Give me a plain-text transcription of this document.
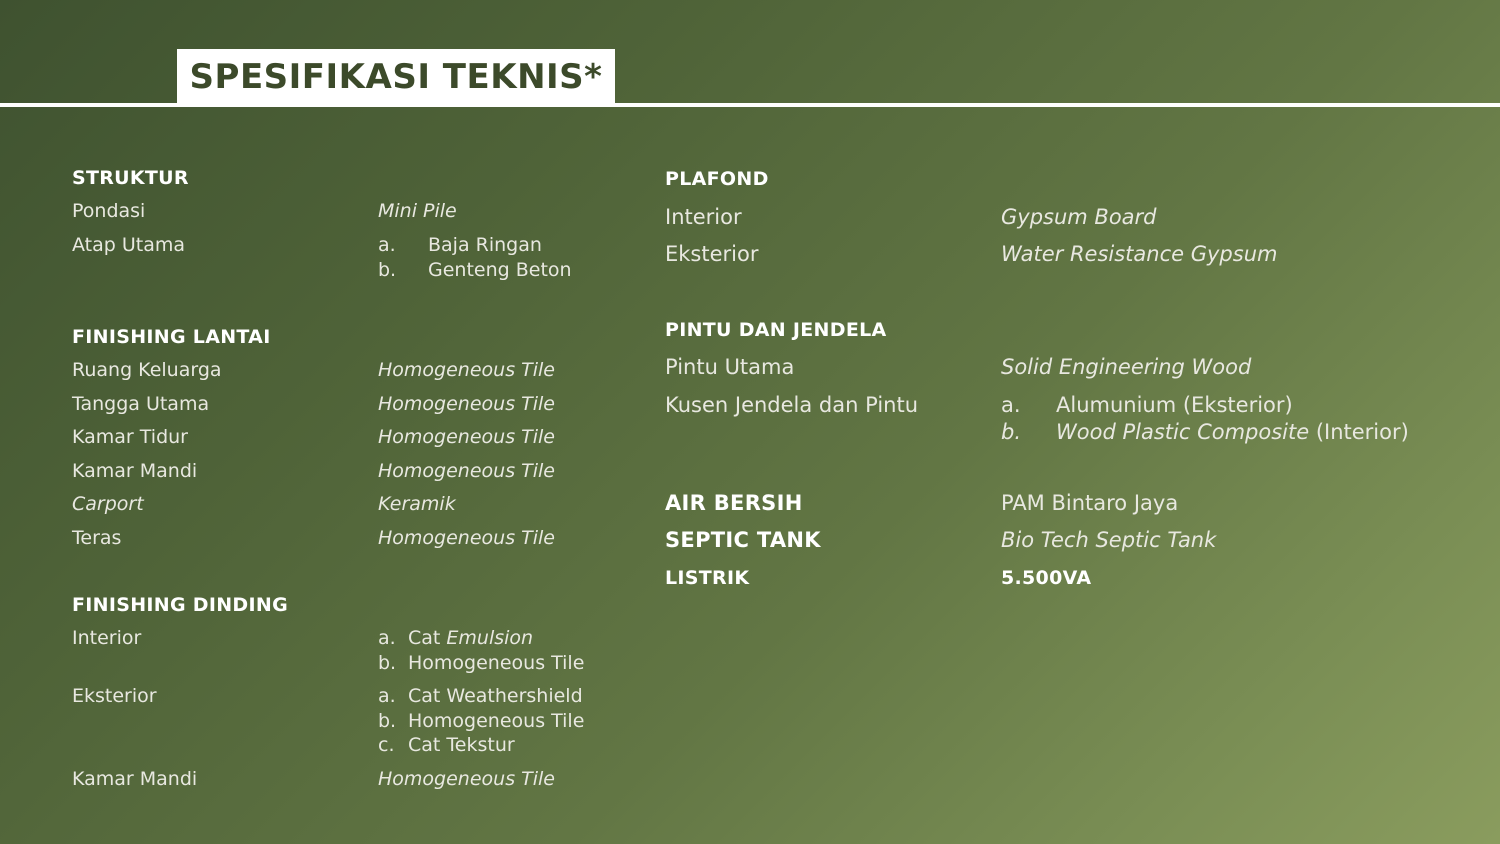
SPESIFIKASI TEKNIS*
STRUKTUR
Pondasi	Mini Pile
Atap Utama	a. Baja Ringan
b. Genteng Beton
FINISHING LANTAI
Ruang Keluarga	Homogeneous Tile
Tangga Utama	Homogeneous Tile
Kamar Tidur	Homogeneous Tile
Kamar Mandi	Homogeneous Tile
Carport	Keramik
Teras	Homogeneous Tile
FINISHING DINDING
Interior	a. Cat Emulsion
b. Homogeneous Tile
Eksterior	a. Cat Weathershield
b. Homogeneous Tile
c. Cat Tekstur
Kamar Mandi	Homogeneous Tile
PLAFOND
Interior	Gypsum Board
Eksterior	Water Resistance Gypsum
PINTU DAN JENDELA
Pintu Utama	Solid Engineering Wood
Kusen Jendela dan Pintu	a. Alumunium (Eksterior)
b. Wood Plastic Composite (Interior)
AIR BERSIH	PAM Bintaro Jaya
SEPTIC TANK	Bio Tech Septic Tank
LISTRIK	5.500VA
